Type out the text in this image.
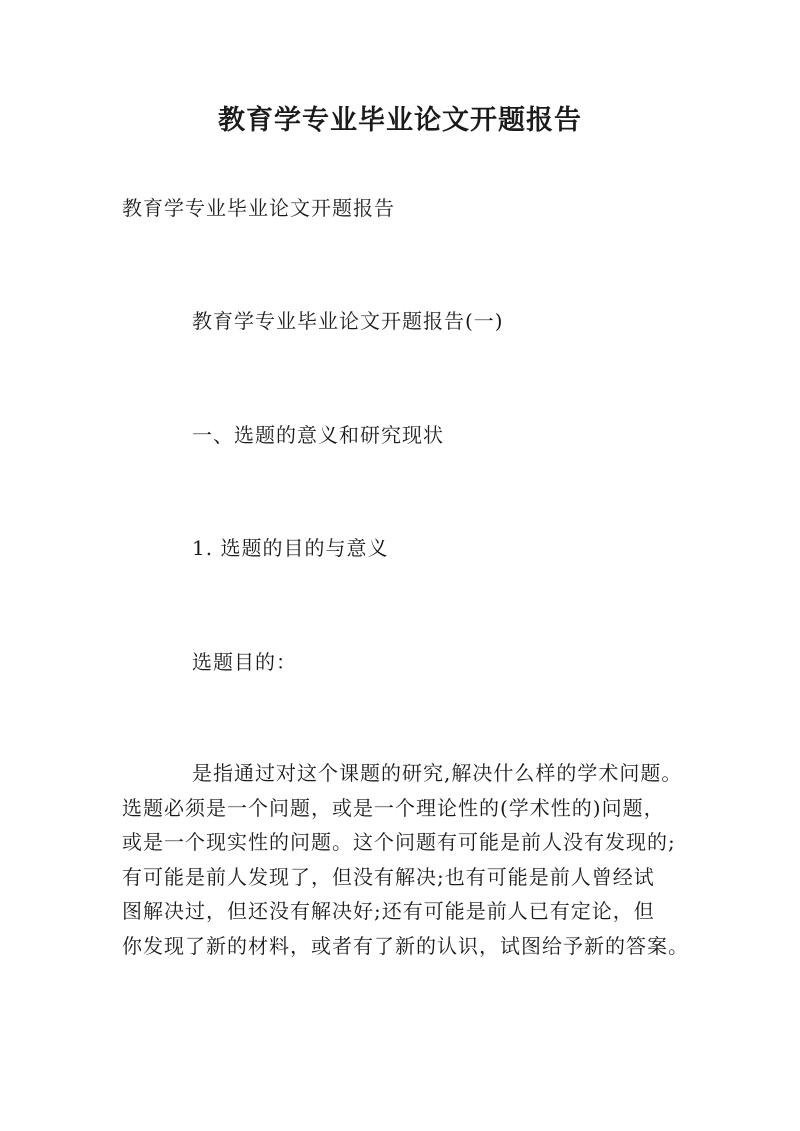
教育学专业毕业论文开题报告
教育学专业毕业论文开题报告
教育学专业毕业论文开题报告(一)
一、选题的意义和研究现状
1. 选题的目的与意义
选题目的：
是指通过对这个课题的研究,解决什么样的学术问题。
选题必须是一个问题，或是一个理论性的(学术性的)问题，
或是一个现实性的问题。这个问题有可能是前人没有发现的;
有可能是前人发现了，但没有解决;也有可能是前人曾经试
图解决过，但还没有解决好;还有可能是前人已有定论，但
你发现了新的材料，或者有了新的认识，试图给予新的答案。
